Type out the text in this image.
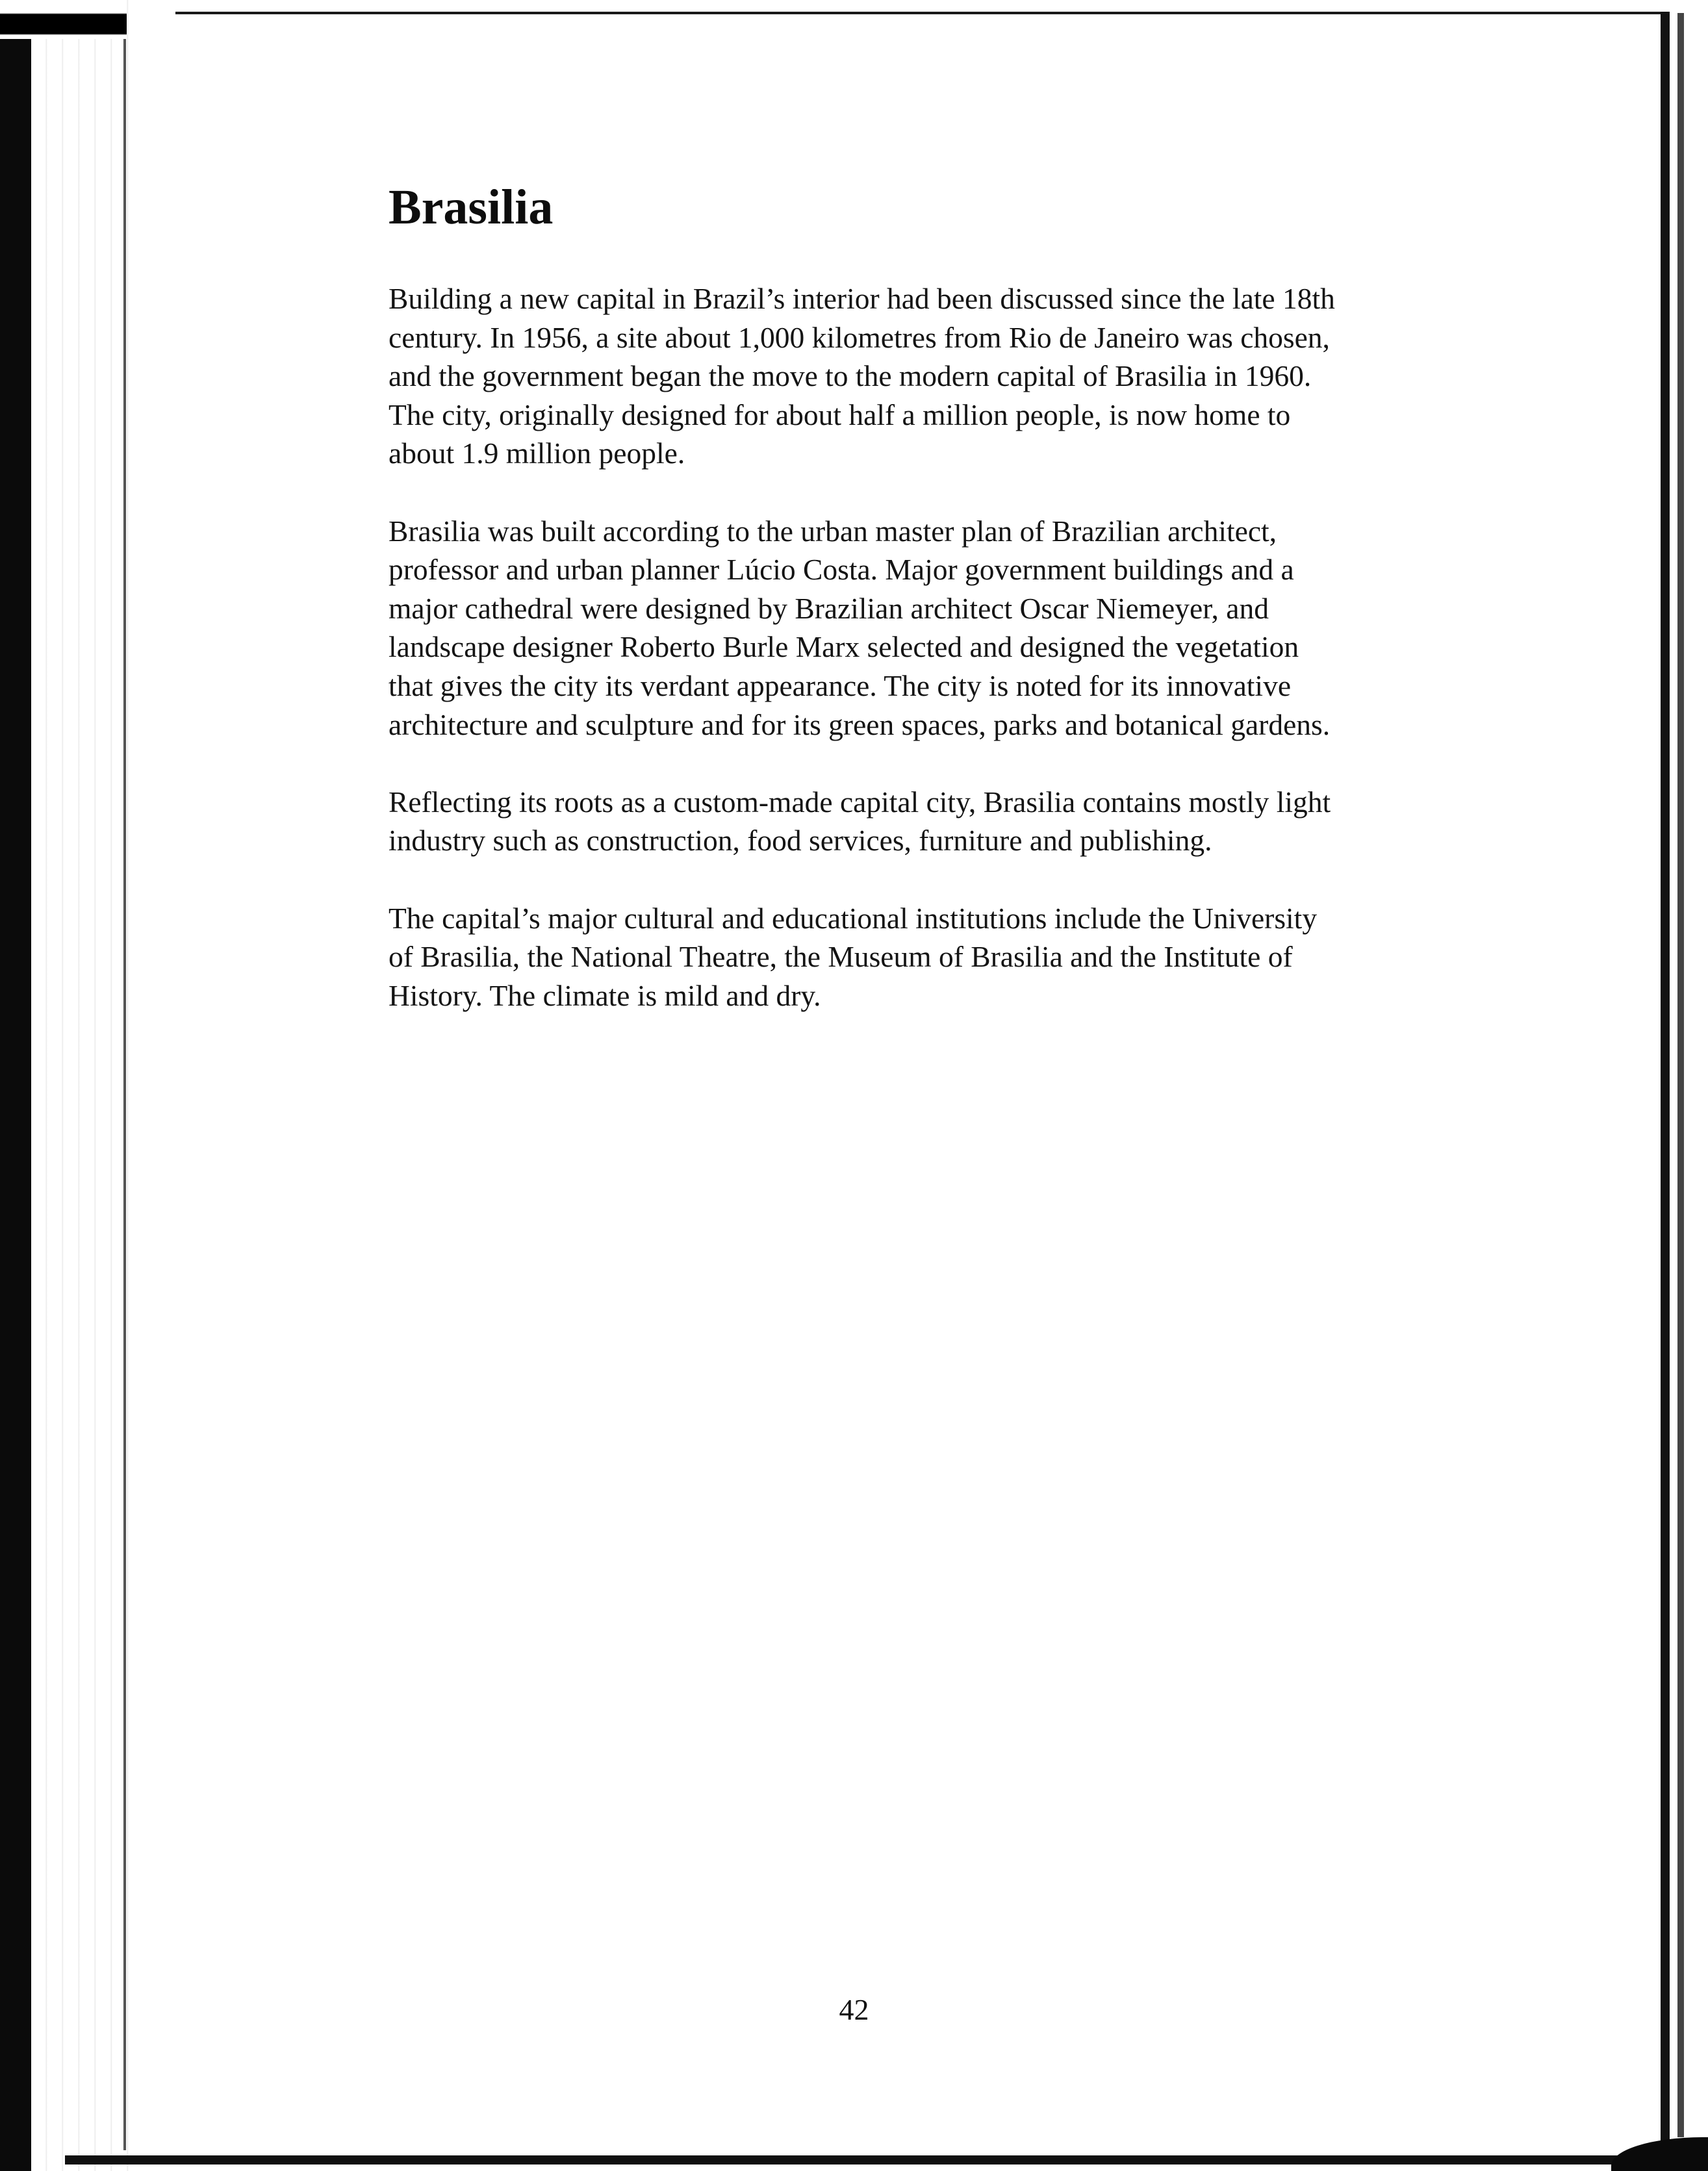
Brasilia

Building a new capital in Brazil’s interior had been discussed since the late 18th
century. In 1956, a site about 1,000 kilometres from Rio de Janeiro was chosen,
and the government began the move to the modern capital of Brasilia in 1960.
The city, originally designed for about half a million people, is now home to
about 1.9 million people.

Brasilia was built according to the urban master plan of Brazilian architect,
professor and urban planner Lúcio Costa. Major government buildings and a
major cathedral were designed by Brazilian architect Oscar Niemeyer, and
landscape designer Roberto Burle Marx selected and designed the vegetation
that gives the city its verdant appearance. The city is noted for its innovative
architecture and sculpture and for its green spaces, parks and botanical gardens.

Reflecting its roots as a custom-made capital city, Brasilia contains mostly light
industry such as construction, food services, furniture and publishing.

The capital’s major cultural and educational institutions include the University
of Brasilia, the National Theatre, the Museum of Brasilia and the Institute of
History. The climate is mild and dry.

42
